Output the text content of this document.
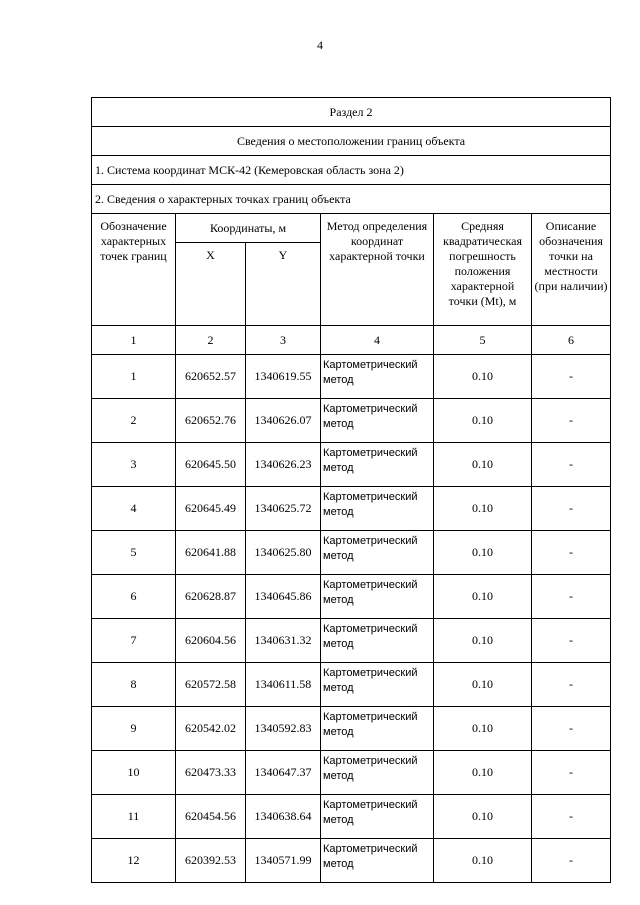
4
Раздел 2					
Сведения о местоположении границ объекта					
1. Система координат МСК-42 (Кемеровская область зона 2)					
2. Сведения о характерных точках границ объекта					
Обозначение характерных точек границ	Координаты, м		Метод определения координат характерной точки	Средняя квадратическая погрешность положения характерной точки (Mt), м	Описание обозначения точки на местности (при наличии)
	X	Y			
1	2	3	4	5	6
1	620652.57	1340619.55	Картометрический метод	0.10	-
2	620652.76	1340626.07	Картометрический метод	0.10	-
3	620645.50	1340626.23	Картометрический метод	0.10	-
4	620645.49	1340625.72	Картометрический метод	0.10	-
5	620641.88	1340625.80	Картометрический метод	0.10	-
6	620628.87	1340645.86	Картометрический метод	0.10	-
7	620604.56	1340631.32	Картометрический метод	0.10	-
8	620572.58	1340611.58	Картометрический метод	0.10	-
9	620542.02	1340592.83	Картометрический метод	0.10	-
10	620473.33	1340647.37	Картометрический метод	0.10	-
11	620454.56	1340638.64	Картометрический метод	0.10	-
12	620392.53	1340571.99	Картометрический метод	0.10	-
